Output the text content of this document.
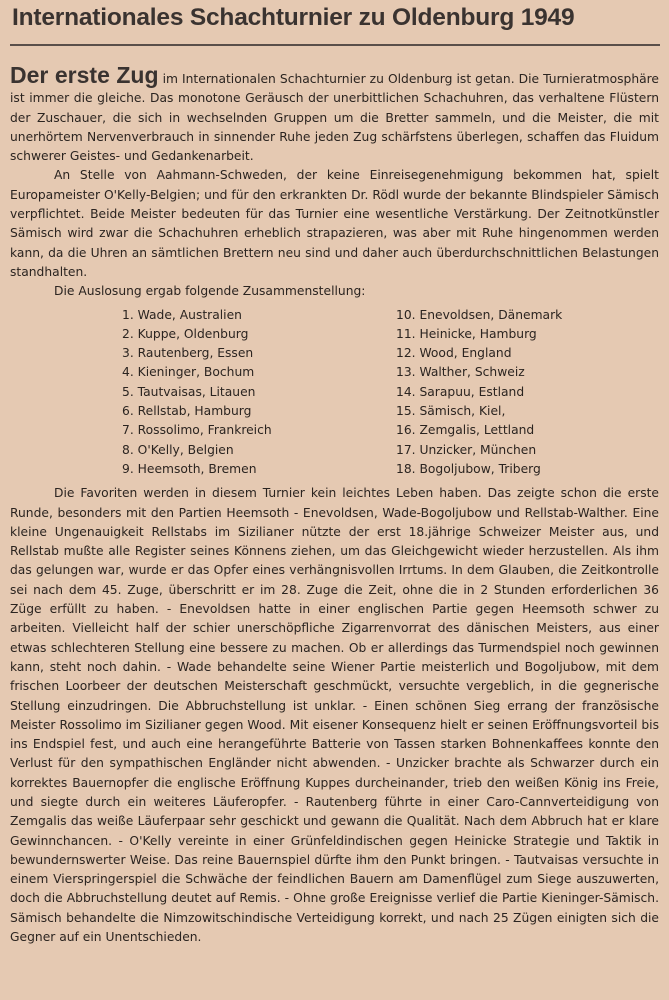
Internationales Schachturnier zu Oldenburg 1949

Der erste Zug im Internationalen Schachturnier zu Oldenburg ist getan. Die Turnieratmosphäre ist immer die gleiche. Das monotone Geräusch der unerbittlichen Schachuhren, das verhaltene Flüstern der Zuschauer, die sich in wechselnden Gruppen um die Bretter sammeln, und die Meister, die mit unerhörtem Nervenverbrauch in sinnender Ruhe jeden Zug schärfstens überlegen, schaffen das Fluidum schwerer Geistes- und Gedankenarbeit.

An Stelle von Aahmann-Schweden, der keine Einreisegenehmigung bekommen hat, spielt Europameister O'Kelly-Belgien; und für den erkrankten Dr. Rödl wurde der bekannte Blindspieler Sämisch verpflichtet. Beide Meister bedeuten für das Turnier eine wesentliche Verstärkung. Der Zeitnotkünstler Sämisch wird zwar die Schachuhren erheblich strapazieren, was aber mit Ruhe hingenommen werden kann, da die Uhren an sämtlichen Brettern neu sind und daher auch überdurchschnittlichen Belastungen standhalten.

Die Auslosung ergab folgende Zusammenstellung:

1. Wade, Australien
2. Kuppe, Oldenburg
3. Rautenberg, Essen
4. Kieninger, Bochum
5. Tautvaisas, Litauen
6. Rellstab, Hamburg
7. Rossolimo, Frankreich
8. O'Kelly, Belgien
9. Heemsoth, Bremen
10. Enevoldsen, Dänemark
11. Heinicke, Hamburg
12. Wood, England
13. Walther, Schweiz
14. Sarapuu, Estland
15. Sämisch, Kiel,
16. Zemgalis, Lettland
17. Unzicker, München
18. Bogoljubow, Triberg

Die Favoriten werden in diesem Turnier kein leichtes Leben haben. Das zeigte schon die erste Runde, besonders mit den Partien Heemsoth - Enevoldsen, Wade-Bogoljubow und Rellstab-Walther. Eine kleine Ungenauigkeit Rellstabs im Sizilianer nützte der erst 18.jährige Schweizer Meister aus, und Rellstab mußte alle Register seines Könnens ziehen, um das Gleichgewicht wieder herzustellen. Als ihm das gelungen war, wurde er das Opfer eines verhängnisvollen Irrtums. In dem Glauben, die Zeitkontrolle sei nach dem 45. Zuge, überschritt er im 28. Zuge die Zeit, ohne die in 2 Stunden erforderlichen 36 Züge erfüllt zu haben. - Enevoldsen hatte in einer englischen Partie gegen Heemsoth schwer zu arbeiten. Vielleicht half der schier unerschöpfliche Zigarrenvorrat des dänischen Meisters, aus einer etwas schlechteren Stellung eine bessere zu machen. Ob er allerdings das Turmendspiel noch gewinnen kann, steht noch dahin. - Wade behandelte seine Wiener Partie meisterlich und Bogoljubow, mit dem frischen Loorbeer der deutschen Meisterschaft geschmückt, versuchte vergeblich, in die gegnerische Stellung einzudringen. Die Abbruchstellung ist unklar. - Einen schönen Sieg errang der französische Meister Rossolimo im Sizilianer gegen Wood. Mit eisener Konsequenz hielt er seinen Eröffnungsvorteil bis ins Endspiel fest, und auch eine herangeführte Batterie von Tassen starken Bohnenkaffees konnte den Verlust für den sympathischen Engländer nicht abwenden. - Unzicker brachte als Schwarzer durch ein korrektes Bauernopfer die englische Eröffnung Kuppes durcheinander, trieb den weißen König ins Freie, und siegte durch ein weiteres Läuferopfer. - Rautenberg führte in einer Caro-Cannverteidigung von Zemgalis das weiße Läuferpaar sehr geschickt und gewann die Qualität. Nach dem Abbruch hat er klare Gewinnchancen. - O'Kelly vereinte in einer Grünfeldindischen gegen Heinicke Strategie und Taktik in bewundernswerter Weise. Das reine Bauernspiel dürfte ihm den Punkt bringen. - Tautvaisas versuchte in einem Vierspringerspiel die Schwäche der feindlichen Bauern am Damenflügel zum Siege auszuwerten, doch die Abbruchstellung deutet auf Remis. - Ohne große Ereignisse verlief die Partie Kieninger-Sämisch. Sämisch behandelte die Nimzowitschindische Verteidigung korrekt, und nach 25 Zügen einigten sich die Gegner auf ein Unentschieden.
